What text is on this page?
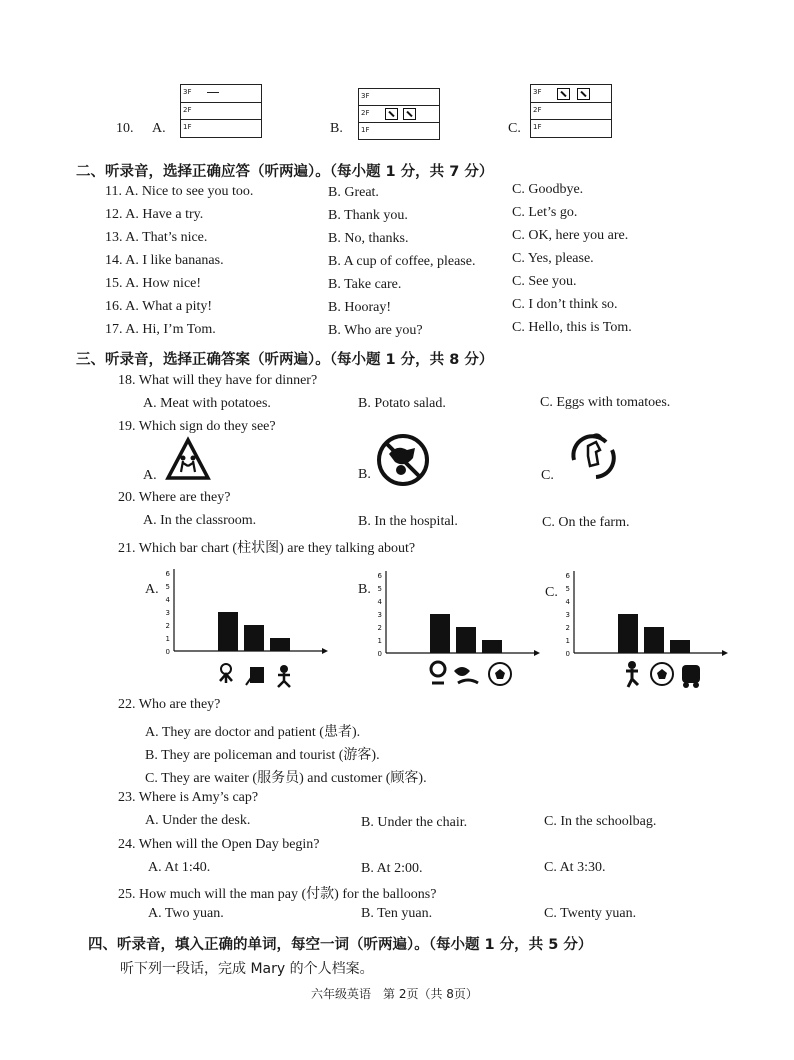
10. A.	B.	C.
3F
2F
1F
3F
2F
1F
3F
2F
1F
二、听录音，选择正确应答（听两遍）。（每小题 1 分，共 7 分）
11. A. Nice to see you too.	B. Great.	C. Goodbye.
12. A. Have a try.	B. Thank you.	C. Let’s go.
13. A. That’s nice.	B. No, thanks.	C. OK, here you are.
14. A. I like bananas.	B. A cup of coffee, please.	C. Yes, please.
15. A. How nice!	B. Take care.	C. See you.
16. A. What a pity!	B. Hooray!	C. I don’t think so.
17. A. Hi, I’m Tom.	B. Who are you?	C. Hello, this is Tom.
三、听录音，选择正确答案（听两遍）。（每小题 1 分，共 8 分）
18. What will they have for dinner?
A. Meat with potatoes.	B. Potato salad.	C. Eggs with tomatoes.
19. Which sign do they see?
A.	B.	C.
20. Where are they?
A. In the classroom.	B. In the hospital.	C. On the farm.
21. Which bar chart (柱状图) are they talking about?
A.	B.	C.
0
1
2
3
4
5
6
0
1
2
3
4
5
6
0
1
2
3
4
5
6
22. Who are they?
A. They are doctor and patient (患者).
B. They are policeman and tourist (游客).
C. They are waiter (服务员) and customer (顾客).
23. Where is Amy’s cap?
A. Under the desk.	B. Under the chair.	C. In the schoolbag.
24. When will the Open Day begin?
A. At 1:40.	B. At 2:00.	C. At 3:30.
25. How much will the man pay (付款) for the balloons?
A. Two yuan.	B. Ten yuan.	C. Twenty yuan.
四、听录音，填入正确的单词，每空一词（听两遍）。（每小题 1 分，共 5 分）
听下列一段话，完成 Mary 的个人档案。
六年级英语　第 2页（共 8页）
